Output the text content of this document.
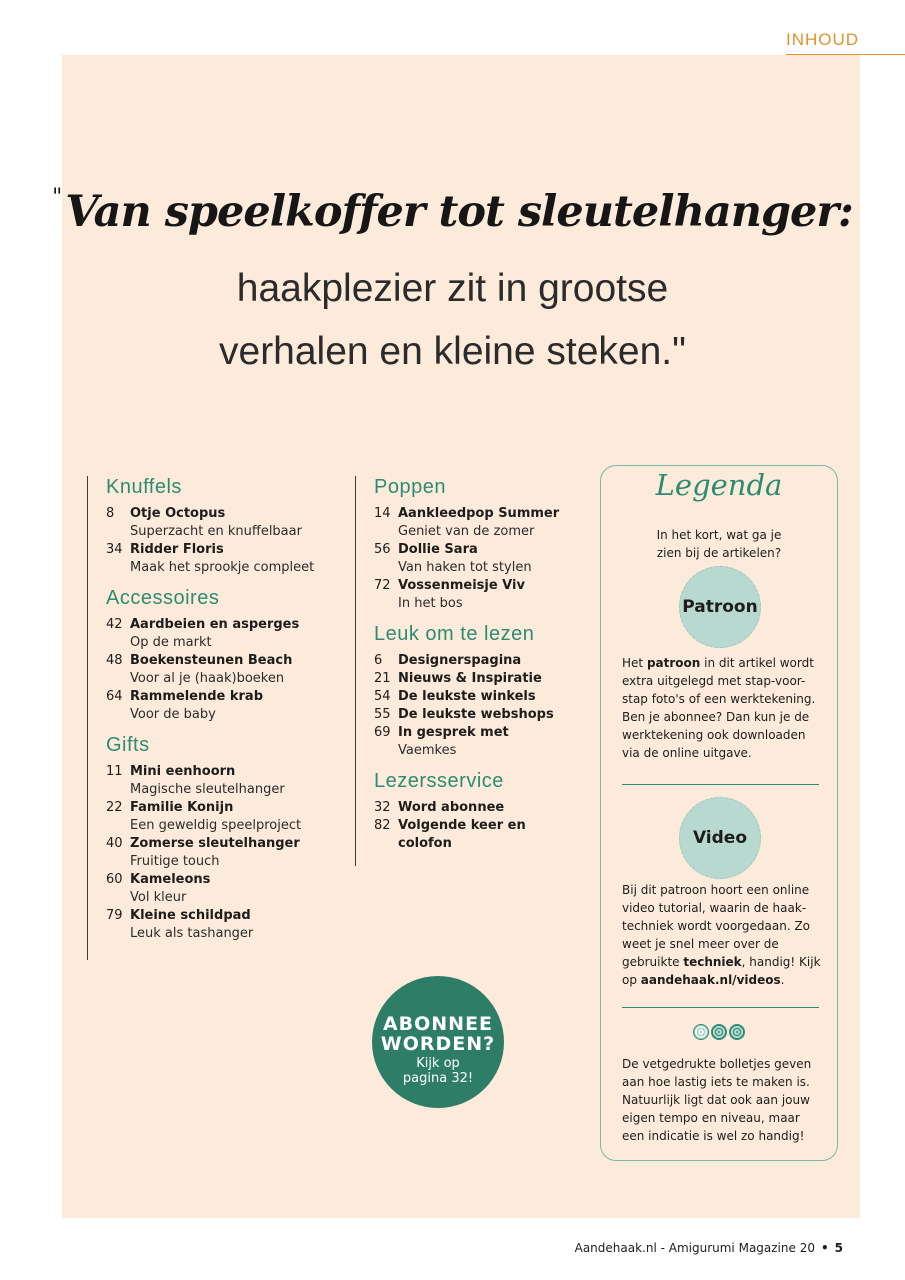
INHOUD
"Van speelkoffer tot sleutelhanger:
haakplezier zit in grootse
verhalen en kleine steken."
Knuffels
8	Otje Octopus
Superzacht en knuffelbaar
34 Ridder Floris
Maak het sprookje compleet
Accessoires
42 Aardbeien en asperges
Op de markt
48 Boekensteunen Beach
Voor al je (haak)boeken
64 Rammelende krab
Voor de baby
Gifts
11 Mini eenhoorn
Magische sleutelhanger
22 Familie Konijn
Een geweldig speelproject
40 Zomerse sleutelhanger
Fruitige touch
60 Kameleons
Vol kleur
79 Kleine schildpad
Leuk als tashanger
Poppen
14 Aankleedpop Summer
Geniet van de zomer
56 Dollie Sara
Van haken tot stylen
72 Vossenmeisje Viv
In het bos
Leuk om te lezen
6	Designerspagina
21 Nieuws & Inspiratie
54 De leukste winkels
55 De leukste webshops
69 In gesprek met
Vaemkes
Lezersservice
32 Word abonnee
82 Volgende keer en colofon
ABONNEE
WORDEN?
Kijk op
pagina 32!
Legenda
In het kort, wat ga je zien bij de artikelen?
Patroon
Het patroon in dit artikel wordt extra uitgelegd met stap-voor-stap foto's of een werktekening. Ben je abonnee? Dan kun je de werktekening ook downloaden via de online uitgave.
Video
Bij dit patroon hoort een online video tutorial, waarin de haak-techniek wordt voorgedaan. Zo weet je snel meer over de gebruikte techniek, handig! Kijk op aandehaak.nl/videos.
De vetgedrukte bolletjes geven aan hoe lastig iets te maken is. Natuurlijk ligt dat ook aan jouw eigen tempo en niveau, maar een indicatie is wel zo handig!
Aandehaak.nl - Amigurumi Magazine 20 • 5
